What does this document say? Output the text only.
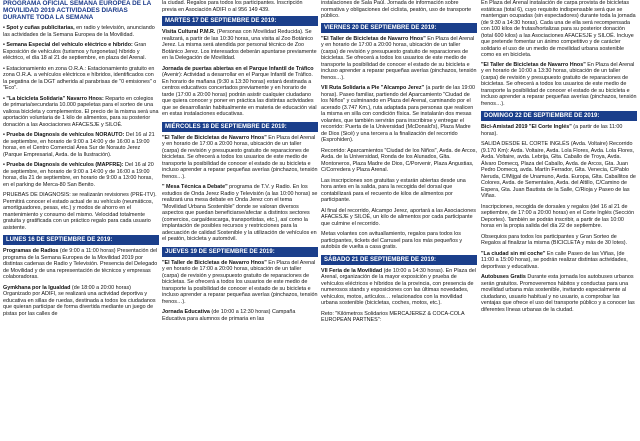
PROGRAMA OFICIAL SEMANA EUROPEA DE LA MOVILIDAD 2019 ACTIVIDADES DIARIAS DURANTE TODA LA SEMANA
• Spot y cuñas publicitarias, en radio y televisión, anunciando las actividades de la Semana Europea de la Movilidad.
• Semana Especial del vehículo eléctrico e híbrido: Gran Exposición de vehículos (turismos y furgonetas) híbrido y eléctrico, el día 18 al 21 de septiembre, en plaza del Arenal.
• Estacionamiento en zona O.R.A.: Estacionamiento gratuito en zona O.R.A. a vehículos eléctricos e híbridos, identificados con la pegatina de la DGT adherida al parabrisas de "0 emisiones" o "Eco".
• "La bicicleta Solidaria" Navarro Hnos: Reparto en colegios de primaria/secundaria 10.000 papeletas para el sorteo de una valiosa bicicleta y complementos. El precio de la misma será una aportación voluntaria de 1 kilo de alimentos, para su posterior donación a las Asociaciones AFACESJE y SILOÉ.
• Prueba de Diagnosis de vehículos NORAUTO: Del 16 al 21 de septiembre, en horario de 9:00 a 14:00 y de 16:00 a 19:00 horas, en el Centro Comercial Área Sur de Norauto Jerez (Parque Empresarial, Avda. de la Ilustración).
• Prueba de Diagnosis de vehículos (MAPFRE): Del 16 al 20 de septiembre, en horario de 9:00 a 14:00 y de 16:00 a 19:00 horas, día 21 de septiembre, en horario de 9:00 a 13:00 horas, en el parking de Merca-80 San Benito.
PRUEBAS DE DIAGNOSIS: se realizarán revisiones (PRE-ITV). Permitirá conocer el estado actual de su vehículo (neumáticos, amortiguadores, pesas, etc.) y modos de ahorro en el mantenimiento y consumo del mismo. Velocidad totalmente gratuita y gratificada con un práctico regalo para cada usuario asistente.
LUNES 16 DE SEPTIEMBRE DE 2019:
Programas de Radios (de 9:00 a 11:00 horas) Presentación del programa de la Semana Europea de la Movilidad 2019 por distintas cadenas de Radio y Televisión. Presencia del Delegado de Movilidad y de una representación de técnicos y empresas colaboradoras.
Gymkhana por la Igualdad (de 18:00 a 20:00 horas) Organizado por ADIFI, se realizará una actividad deportiva y educativa en sillas de ruedas, destinada a todos los ciudadanos que quieran participar de forma divertida mediante un juego de pistas por las calles de
la ciudad. Regalos para todos los participantes. Inscripción previa en Asociación ADIFI o al 956 149 439.
MARTES 17 DE SEPTIEMBRE DE 2019:
Visita Cultural P.M.R. (Personas con Movilidad Reducida). Se realizará, a partir de las 10:30 horas, una visita al Zoo Botánico Jerez. La misma será atendida por personal técnico de Zoo Botánico Jerez. Los interesados deberán apuntarse previamente en la Delegación de Movilidad.
Jornada de puertas abiertas en el Parque Infantil de Tráfico (Avenir): Actividad a desarrollar en el Parque Infantil de Tráfico. En horario de mañana (9:30 a 13:30 horas) estará destinada a centros educativos concertados previamente y en horario de tarde (17:00 a 20:00 horas) podrán asistir cualquier ciudadano que quiera conocer y poner en práctica las distintas actividades que se desarrollarán habitualmente en materia de educación vial en estas instalaciones educativas.
MIÉRCOLES 18 DE SEPTIEMBRE DE 2019:
"El Taller de Bicicletas de Navarro Hnos" En Plaza del Arenal y en horario de 17:00 a 20:00 horas, ubicación de un taller (carpa) de revisión y presupuesto gratuito de reparaciones de bicicletas. Se ofrecerá a todos los usuarios de este medio de transporte la posibilidad de conocer el estado de su bicicleta e incluso aprender a reparar pequeñas averías (pinchazos, tensión frenos…).
" Mesa Técnica a Debate" programa de T.V. y Radio. En los estudios de Onda Jerez Radio y Televisión (a las 10:00 horas) se realizará una mesa debate en Onda Jerez con el tema "Movilidad Urbana Sostenible" donde se valoran diversos aspectos que puedan beneficiarse/afectar a distintos sectores (comercios, carga/descarga, transportistas, etc.), así como la implantación de posibles recursos y restricciones para la adecuación de calidad Sostenible y la utilización de vehículos en el peatón, bicicleta y automóvil.
JUEVES 19 DE SEPTIEMBRE DE 2019:
"El Taller de Bicicletas de Navarro Hnos" En Plaza del Arenal y en horario de 17:00 a 20:00 horas, ubicación de un taller (carpa) de revisión y presupuesto gratuito de reparaciones de bicicletas. Se ofrecerá a todos los usuarios de este medio de transporte la posibilidad de conocer el estado de su bicicleta e incluso aprender a reparar pequeñas averías (pinchazos, tensión frenos…).
Jornada Educativa (de 10:00 a 12:30 horas) Campaña Educativa para alumnos de primaria en las
instalaciones de Sala Paúl. Jornada de información sobre normativa y obligaciones del ciclista, peatón, uso de transporte público.
VIERNES 20 DE SEPTIEMBRE DE 2019:
"El Taller de Bicicletas de Navarro Hnos" En Plaza del Arenal y en horario de 17:00 a 20:00 horas, ubicación de un taller (carpa) de revisión y presupuesto gratuito de reparaciones de bicicletas. Se ofrecerá a todos los usuarios de este medio de transporte la posibilidad de conocer el estado de su bicicleta e incluso aprender a reparar pequeñas averías (pinchazos, tensión frenos…).
VII Ruta Solidaria a Pie "Alcampo Jerez" (a partir de las 19:00 horas). Paseo familiar, partiendo del Aparcamiento "Ciudad de los Niños" y culminando en Plaza del Arenal, caminando por el acerado (3.747 Km.), ruta adaptada para personas que realicen la misma en silla con condición física. Se instalarán dos mesas volantes, que también servirán para inscribirse y entregar el recorrido: Puerta de la Universidad (McDonald's), Plaza Madre de Dios (Sicé) y una tercera a la finalización del recorrido (Esprohiden).
Recorrido: Aparcamientos "Ciudad de los Niños", Avda. de Arcos, Avda. de la Universidad, Ronda de los Alunados, Glta. Montoneros, Plaza Madre de Dios, C/Porvenir, Plaza Angustias, C/Corredera y Plaza Arenal.
Las inscripciones son gratuitas y estarán abiertas desde una hora antes en la salida, para la recogida del dorsal que contabilizará para el recuento de kilos de alimentos por participante.
Al final del recorrido, Alcampo Jerez, aportará a las Asociaciones AFACESJE y SILOÉ, un kilo de alimentos por cada participante que culmine el recorrido.
Metas volantes con avituallamiento, regalos para todos los participantes, tickets del Carrusel para los más pequeños y autobús de vuelta a casa gratis.
SÁBADO 21 DE SEPTIEMBRE DE 2019:
VII Feria de la Movilidad (de 10:00 a 14:30 horas). En Plaza del Arenal, organización de la mayor exposición y prueba de vehículos eléctricos e híbridos de la provincia, con presencia de numerosos stands y exposiciones con las últimas novedades, vehículos, motos, artículos… relacionados con la movilidad urbana sostenible (bicicletas, coches, motos, etc.).
Reto: "Kilómetros Solidarios MERCAJEREZ & COCA-COLA EUROPEAN PARTNES":
En Plaza del Arenal instalación de carpa provista de bicicletas estáticas (total 6), cuyo requisito indispensable será que se mantengan ocupadas (sin espectadores) durante toda la jornada (de 9:30 a 14:30 horas). Cada una de ella será recompensada con 100 kilos de frutas/hortalizas para su posterior donación (total 600 kilos) a las Asociaciones AFACESJE y SILOÉ. Incluye que pretende fomentar un ánimo competitivo y de carácter solidario el uso de un medio de movilidad urbana sostenible como es en bicicleta.
"El Taller de Bicicletas de Navarro Hnos" En Plaza del Arenal y en horario de 10:00 a 13:30 horas, ubicación de un taller (carpa) de revisión y presupuesto gratuito de reparaciones de bicicletas. Se ofrecerá a todos los usuarios de este medio de transporte la posibilidad de conocer el estado de su bicicleta e incluso aprender a reparar pequeñas averías (pinchazos, tensión frenos…).
DOMINGO 22 DE SEPTIEMBRE DE 2019:
Bici-Amistad 2019 "El Corte Inglés" (a partir de las 11:00 horas).
SALIDA DESDE EL CORTE INGLÉS (Avda. Voltaire) Recorrido (9.170 Km): Avda. Voltaire, Avda. Lola Flores, Avda. Lola Flores, Avda. Voltaire, avda. Lebrija, Glta. Caballo de Troya, Avda. Álvaro Domecq, Plaza del Caballo, Avda. de Arcos, Gta. Juan Pedro Domecq, avda. Martín Ferrador, Glta. Venecia, C/Pablo Neruda, C/Mijgal de Unamuno, Avda. Europa, Glta. Caballitos de Colores, Avda. de Sementales, Avda. del Altillo, C/Camino de Espera, Gta. Juan Bautista de la Salle, C/Rioja y Paseo de las Viñas.
Inscripciones, recogida de dorsales y regalos (del 16 al 21 de septiembre, de 17:00 a 20:00 horas) en el Corte Inglés (Sección Deportes). También se podrán inscribir, a partir de las 10:00 horas en la propia salida del día 22 de septiembre.
Obsequios para todos los participantes y Gran Sorteo de Regalos al finalizar la misma (BICICLETA y más de 30 lotes).
"La ciudad sin mi coche" En calle Paseo de las Viñas, (de 11:00 a 15:00 horas), se podrán realizar distintas actividades, deportivas y educativas.
Autobuses Gratis Durante esta jornada los autobuses urbanos serán gratuitos. Promoveremos hábitos y conductas para una movilidad urbana más sostenible, invitando especialmente al ciudadano, usuario habitual y no usuario, a comprobar las ventajas que ofrece el uso del transporte público y a conocer las diferentes líneas urbanas de la ciudad.
